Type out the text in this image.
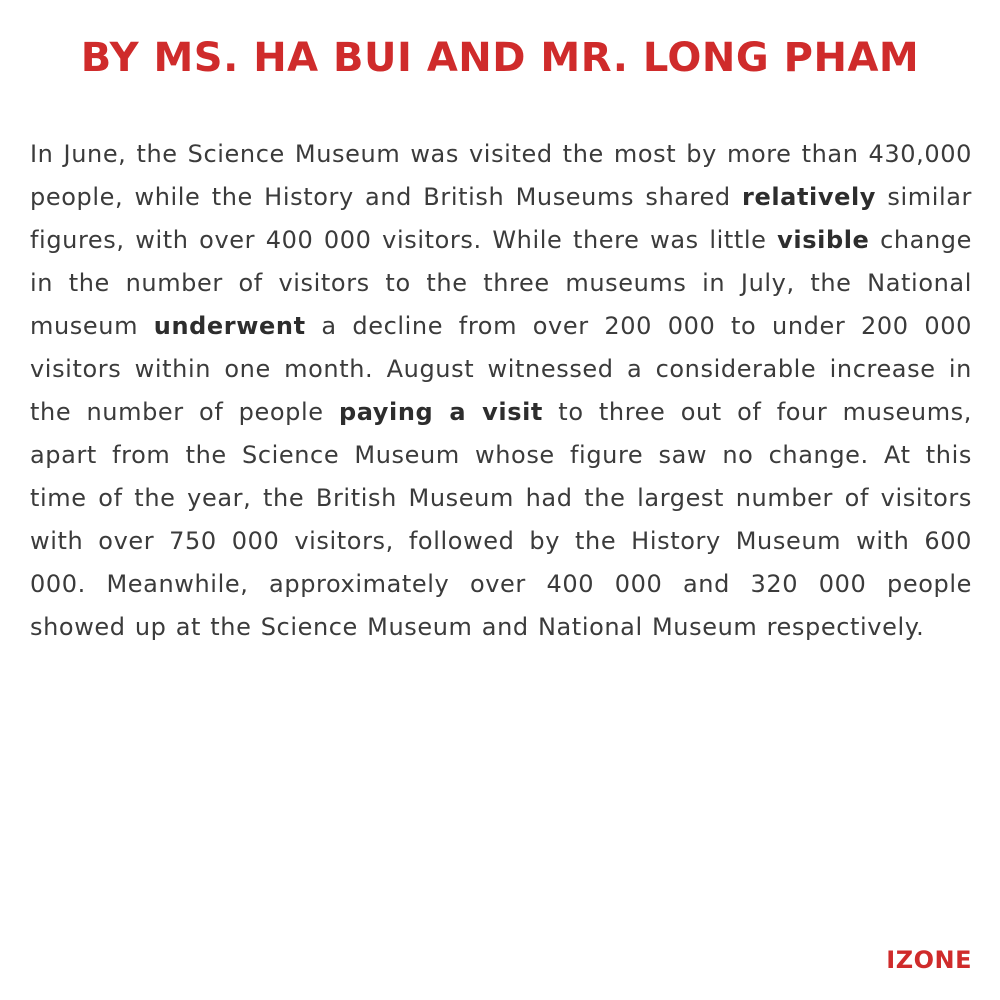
BY MS. HA BUI AND MR. LONG PHAM

In June, the Science Museum was visited the most by more than 430,000 people, while the History and British Museums shared relatively similar figures, with over 400 000 visitors. While there was little visible change in the number of visitors to the three museums in July, the National museum underwent a decline from over 200 000 to under 200 000 visitors within one month. August witnessed a considerable increase in the number of people paying a visit to three out of four museums, apart from the Science Museum whose figure saw no change. At this time of the year, the British Museum had the largest number of visitors with over 750 000 visitors, followed by the History Museum with 600 000. Meanwhile, approximately over 400 000 and 320 000 people showed up at the Science Museum and National Museum respectively.

IZONE
